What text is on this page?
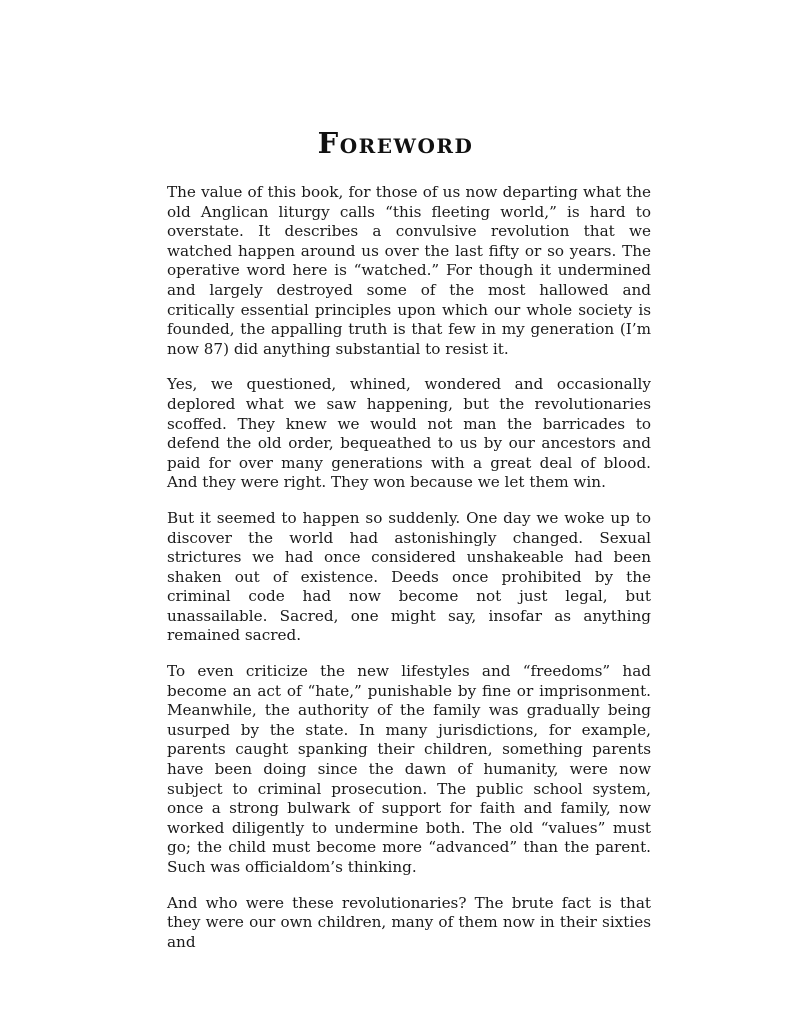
Foreword

The value of this book, for those of us now departing what the old Anglican liturgy calls “this fleeting world,” is hard to overstate. It describes a convulsive revolution that we watched happen around us over the last fifty or so years. The operative word here is “watched.” For though it undermined and largely destroyed some of the most hallowed and critically essential principles upon which our whole society is founded, the appalling truth is that few in my generation (I’m now 87) did anything substantial to resist it.

Yes, we questioned, whined, wondered and occasionally deplored what we saw happening, but the revolutionaries scoffed. They knew we would not man the barricades to defend the old order, bequeathed to us by our ancestors and paid for over many generations with a great deal of blood. And they were right. They won because we let them win.

But it seemed to happen so suddenly. One day we woke up to discover the world had astonishingly changed. Sexual strictures we had once considered unshakeable had been shaken out of existence. Deeds once prohibited by the criminal code had now become not just legal, but unassailable. Sacred, one might say, insofar as anything remained sacred.

To even criticize the new lifestyles and “freedoms” had become an act of “hate,” punishable by fine or imprisonment. Meanwhile, the authority of the family was gradually being usurped by the state. In many jurisdictions, for example, parents caught spanking their children, something parents have been doing since the dawn of humanity, were now subject to criminal prosecution. The public school system, once a strong bulwark of support for faith and family, now worked diligently to undermine both. The old “values” must go; the child must become more “advanced” than the parent. Such was officialdom’s thinking.

And who were these revolutionaries? The brute fact is that they were our own children, many of them now in their sixties and
